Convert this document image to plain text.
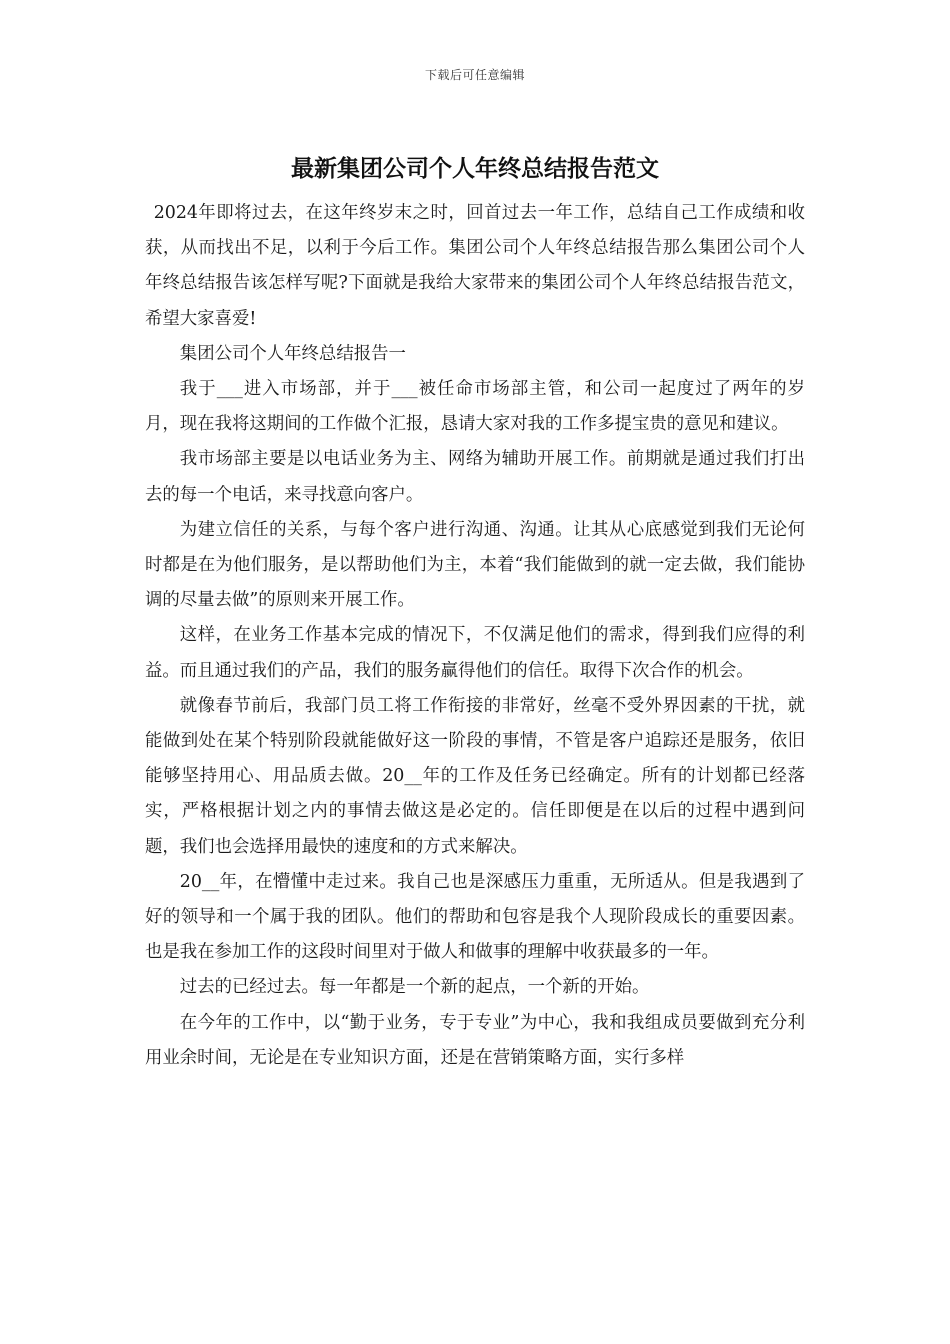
下载后可任意编辑
最新集团公司个人年终总结报告范文

2024年即将过去，在这年终岁末之时，回首过去一年工作，总结自己工作成绩和收获，从而找出不足，以利于今后工作。集团公司个人年终总结报告那么集团公司个人年终总结报告该怎样写呢?下面就是我给大家带来的集团公司个人年终总结报告范文，希望大家喜爱!

集团公司个人年终总结报告一

我于___进入市场部，并于___被任命市场部主管，和公司一起度过了两年的岁月，现在我将这期间的工作做个汇报，恳请大家对我的工作多提宝贵的意见和建议。

我市场部主要是以电话业务为主、网络为辅助开展工作。前期就是通过我们打出去的每一个电话，来寻找意向客户。

为建立信任的关系，与每个客户进行沟通、沟通。让其从心底感觉到我们无论何时都是在为他们服务，是以帮助他们为主，本着“我们能做到的就一定去做，我们能协调的尽量去做”的原则来开展工作。

这样，在业务工作基本完成的情况下，不仅满足他们的需求，得到我们应得的利益。而且通过我们的产品，我们的服务赢得他们的信任。取得下次合作的机会。

就像春节前后，我部门员工将工作衔接的非常好，丝毫不受外界因素的干扰，就能做到处在某个特别阶段就能做好这一阶段的事情，不管是客户追踪还是服务，依旧能够坚持用心、用品质去做。20__年的工作及任务已经确定。所有的计划都已经落实，严格根据计划之内的事情去做这是必定的。信任即便是在以后的过程中遇到问题，我们也会选择用最快的速度和的方式来解决。

20__年，在懵懂中走过来。我自己也是深感压力重重，无所适从。但是我遇到了好的领导和一个属于我的团队。他们的帮助和包容是我个人现阶段成长的重要因素。也是我在参加工作的这段时间里对于做人和做事的理解中收获最多的一年。

过去的已经过去。每一年都是一个新的起点，一个新的开始。

在今年的工作中，以“勤于业务，专于专业”为中心，我和我组成员要做到充分利用业余时间，无论是在专业知识方面，还是在营销策略方面，实行多样
